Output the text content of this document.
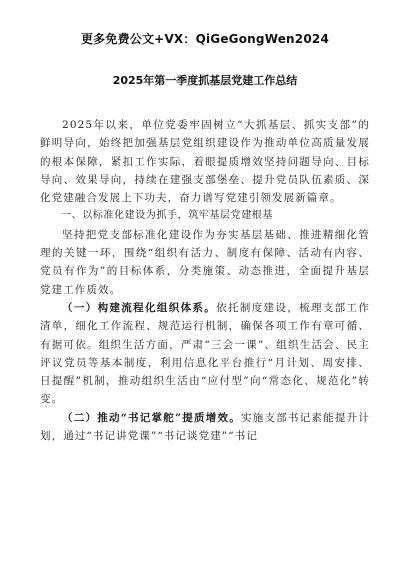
更多免费公文+VX：QiGeGongWen2024
2025年第一季度抓基层党建工作总结

2025年以来，单位党委牢固树立“大抓基层、抓实支部”的鲜明导向，始终把加强基层党组织建设作为推动单位高质量发展的根本保障，紧扣工作实际，着眼提质增效坚持问题导向、目标导向、效果导向，持续在建强支部堡垒、提升党员队伍素质、深化党建融合发展上下功夫，奋力谱写党建引领发展新篇章。

一、以标准化建设为抓手，筑牢基层党建根基

坚持把党支部标准化建设作为夯实基层基础、推进精细化管理的关键一环，围绕“组织有活力、制度有保障、活动有内容、党员有作为”的目标体系，分类施策、动态推进，全面提升基层党建工作质效。

（一）构建流程化组织体系。依托制度建设，梳理支部工作清单，细化工作流程、规范运行机制，确保各项工作有章可循、有据可依。组织生活方面，严肃“三会一课”、组织生活会、民主评议党员等基本制度，利用信息化平台推行“月计划、周安排、日提醒”机制，推动组织生活由“应付型”向“常态化、规范化”转变。

（二）推动“书记掌舵”提质增效。实施支部书记素能提升计划，通过“书记讲党课”“书记谈党建”“书记
